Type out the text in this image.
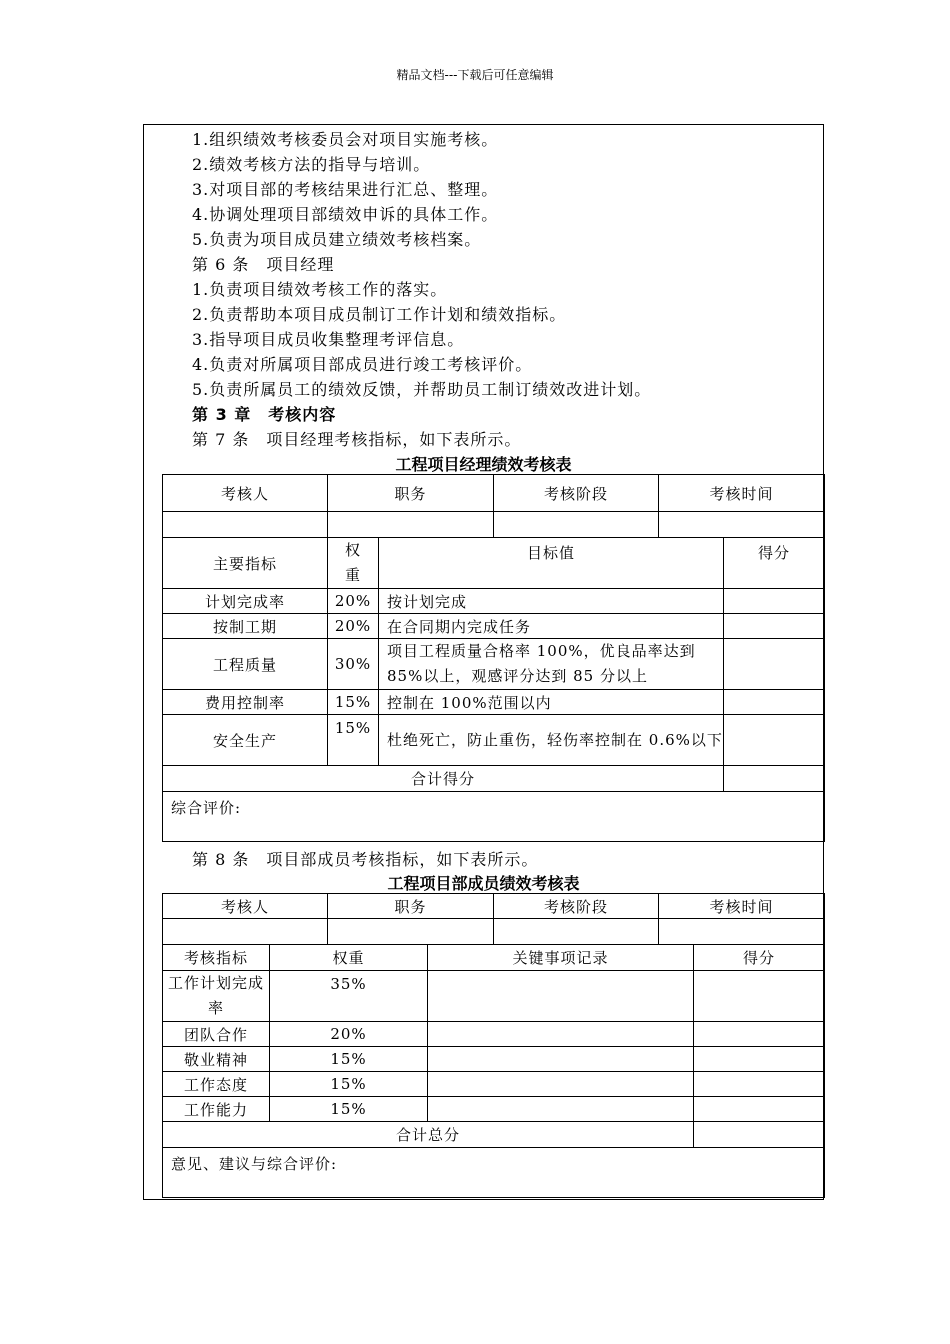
精品文档---下载后可任意编辑
1.组织绩效考核委员会对项目实施考核。
2.绩效考核方法的指导与培训。
3.对项目部的考核结果进行汇总、整理。
4.协调处理项目部绩效申诉的具体工作。
5.负责为项目成员建立绩效考核档案。
第 6 条　项目经理
1.负责项目绩效考核工作的落实。
2.负责帮助本项目成员制订工作计划和绩效指标。
3.指导项目成员收集整理考评信息。
4.负责对所属项目部成员进行竣工考核评价。
5.负责所属员工的绩效反馈，并帮助员工制订绩效改进计划。
第 3 章　考核内容
第 7 条　项目经理考核指标，如下表所示。
工程项目经理绩效考核表
考核人	职务		考核阶段	考核时间	

主要指标	权重	目标值			得分
计划完成率	20%	按计划完成			
按制工期	20%	在合同期内完成任务			
工程质量	30%	项目工程质量合格率 100%，优良品率达到 85%以上，观感评分达到 85 分以上			
费用控制率	15%	控制在 100%范围以内			
安全生产	15%	杜绝死亡，防止重伤，轻伤率控制在 0.6%以下			
合计得分					
综合评价:					
第 8 条　项目部成员考核指标，如下表所示。
工程项目部成员绩效考核表
考核人		职务		考核阶段	考核时间	

考核指标	权重		关键事项记录			得分
工作计划完成率	35%					
团队合作	20%					
敬业精神	15%					
工作态度	15%					
工作能力	15%					
合计总分						
意见、建议与综合评价:						
